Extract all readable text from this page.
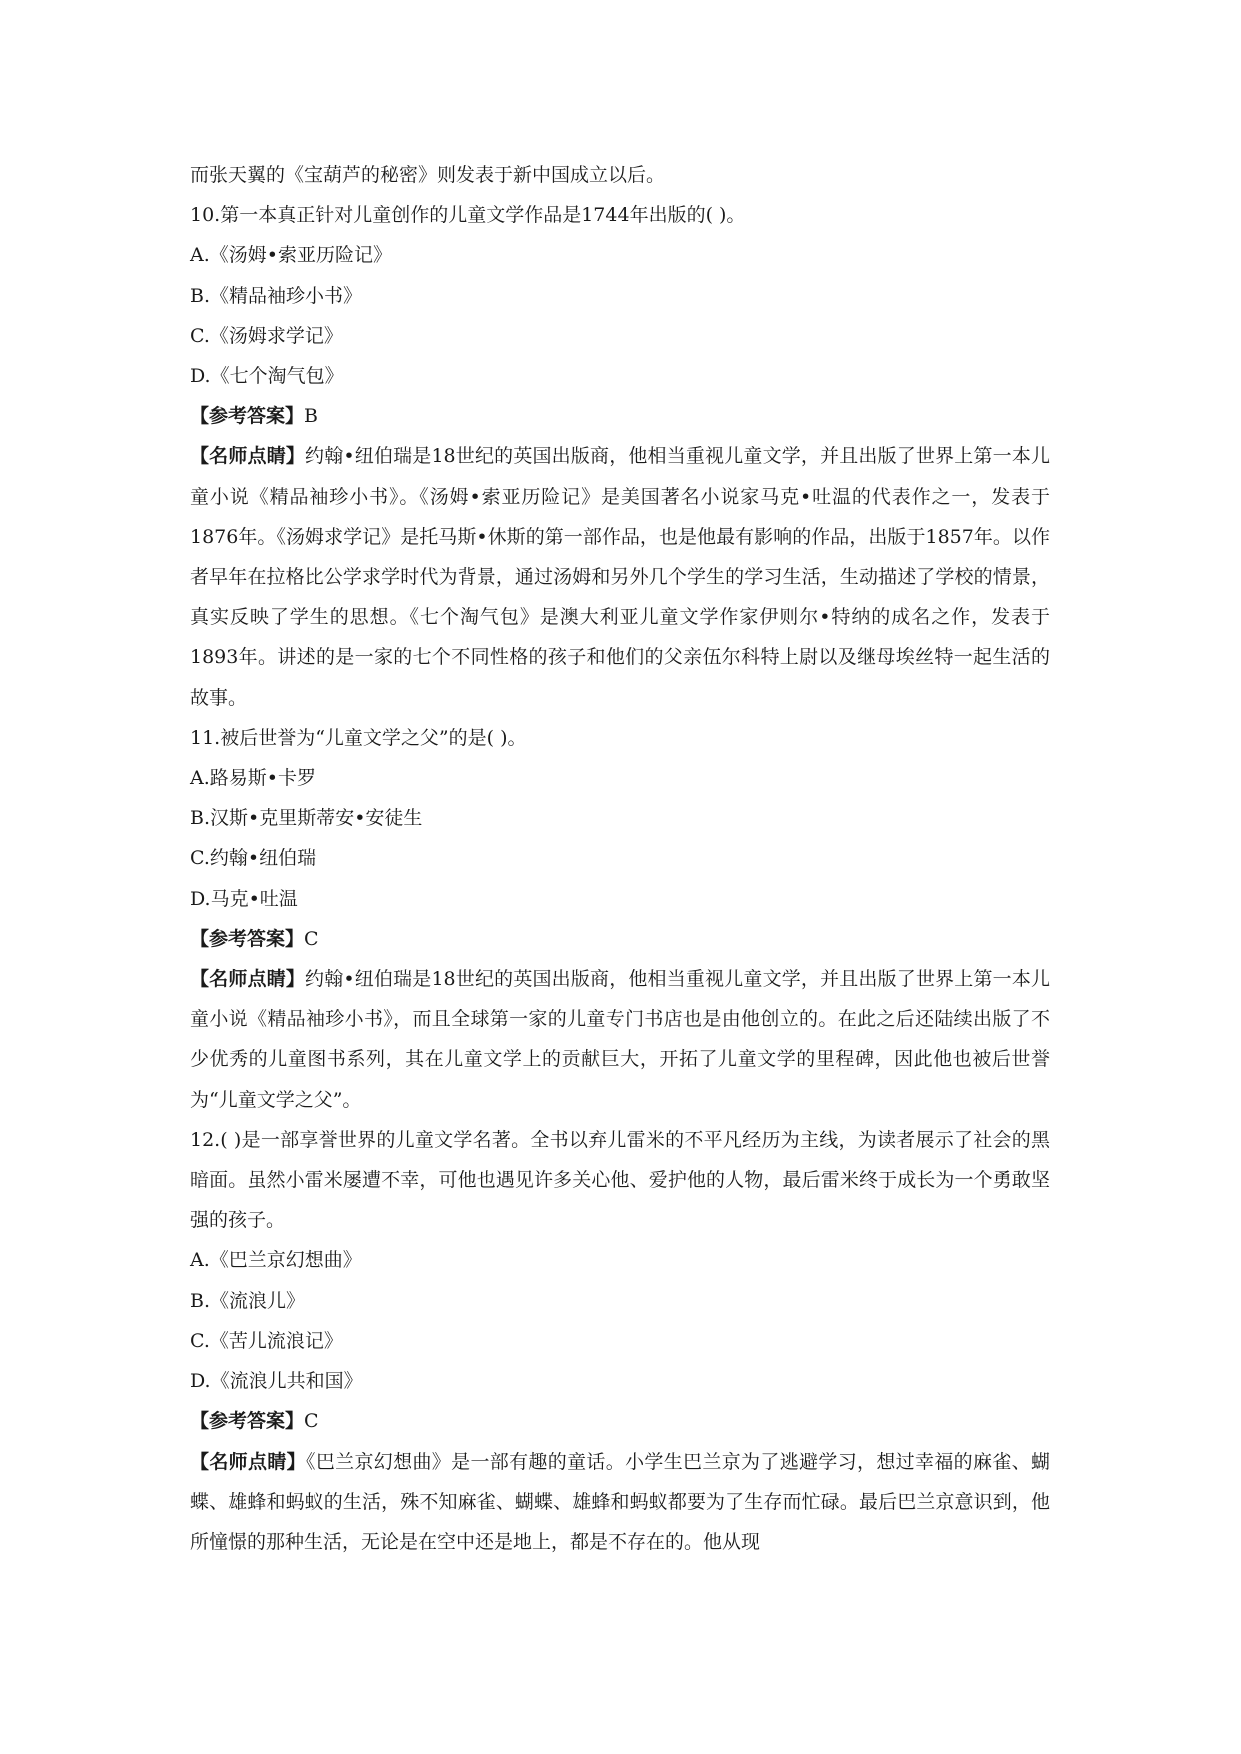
而张天翼的《宝葫芦的秘密》则发表于新中国成立以后。
10.第一本真正针对儿童创作的儿童文学作品是1744年出版的( )。
A.《汤姆•索亚历险记》
B.《精品袖珍小书》
C.《汤姆求学记》
D.《七个淘气包》
【参考答案】B
【名师点睛】约翰•纽伯瑞是18世纪的英国出版商，他相当重视儿童文学，并且出版了世界上第一本儿童小说《精品袖珍小书》。《汤姆•索亚历险记》是美国著名小说家马克•吐温的代表作之一，发表于1876年。《汤姆求学记》是托马斯•休斯的第一部作品，也是他最有影响的作品，出版于1857年。以作者早年在拉格比公学求学时代为背景，通过汤姆和另外几个学生的学习生活，生动描述了学校的情景，真实反映了学生的思想。《七个淘气包》是澳大利亚儿童文学作家伊则尔•特纳的成名之作，发表于1893年。讲述的是一家的七个不同性格的孩子和他们的父亲伍尔科特上尉以及继母埃丝特一起生活的故事。
11.被后世誉为“儿童文学之父”的是( )。
A.路易斯•卡罗
B.汉斯•克里斯蒂安•安徒生
C.约翰•纽伯瑞
D.马克•吐温
【参考答案】C
【名师点睛】约翰•纽伯瑞是18世纪的英国出版商，他相当重视儿童文学，并且出版了世界上第一本儿童小说《精品袖珍小书》，而且全球第一家的儿童专门书店也是由他创立的。在此之后还陆续出版了不少优秀的儿童图书系列，其在儿童文学上的贡献巨大，开拓了儿童文学的里程碑，因此他也被后世誉为“儿童文学之父”。
12.( )是一部享誉世界的儿童文学名著。全书以弃儿雷米的不平凡经历为主线，为读者展示了社会的黑暗面。虽然小雷米屡遭不幸，可他也遇见许多关心他、爱护他的人物，最后雷米终于成长为一个勇敢坚强的孩子。
A.《巴兰京幻想曲》
B.《流浪儿》
C.《苦儿流浪记》
D.《流浪儿共和国》
【参考答案】C
【名师点睛】《巴兰京幻想曲》是一部有趣的童话。小学生巴兰京为了逃避学习，想过幸福的麻雀、蝴蝶、雄蜂和蚂蚁的生活，殊不知麻雀、蝴蝶、雄蜂和蚂蚁都要为了生存而忙碌。最后巴兰京意识到，他所憧憬的那种生活，无论是在空中还是地上，都是不存在的。他从现
